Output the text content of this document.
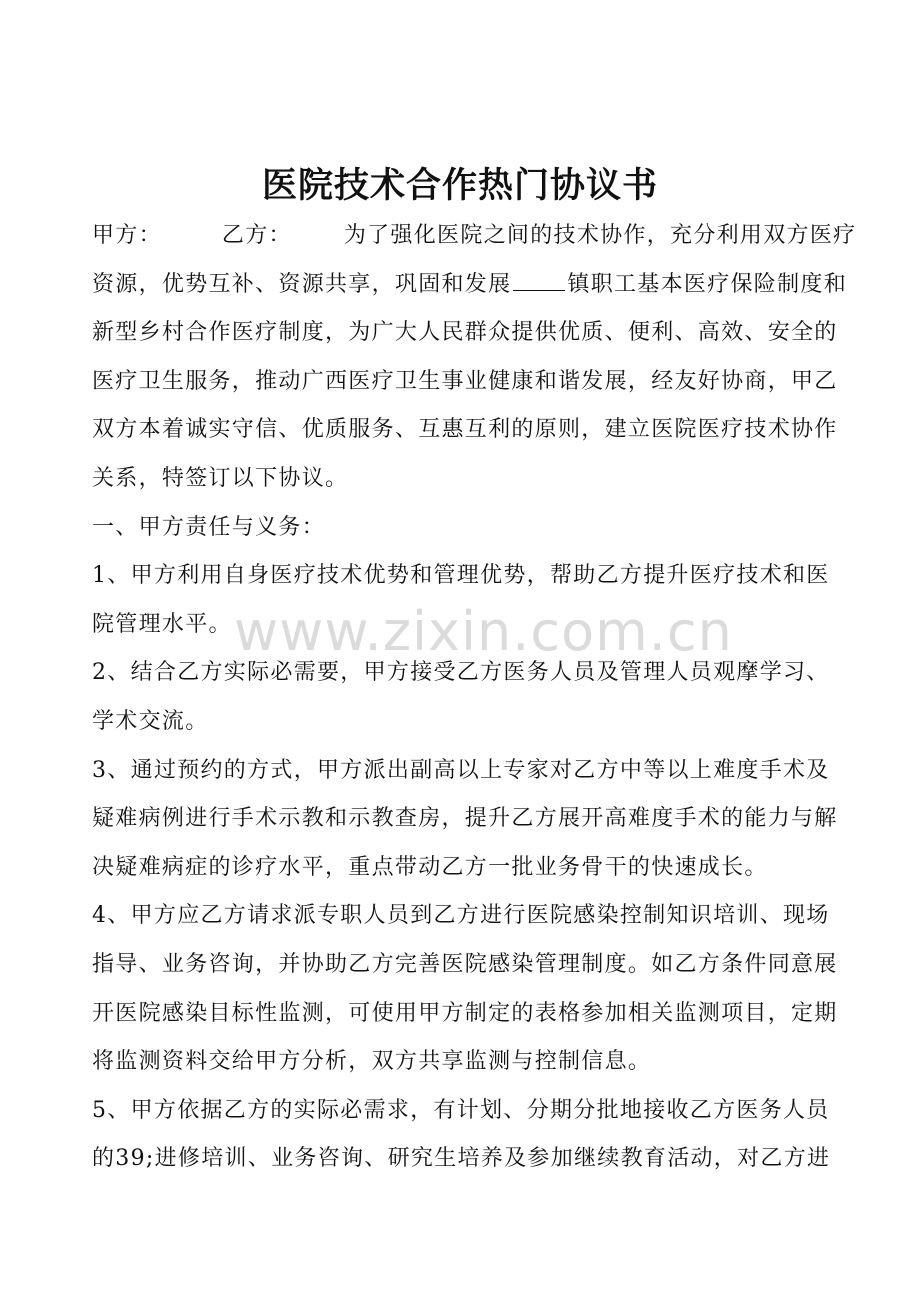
医院技术合作热门协议书
甲方：	乙方： 为了强化医院之间的技术协作，充分利用双方医疗
资源，优势互补、资源共享，巩固和发展	镇职工基本医疗保险制度和
新型乡村合作医疗制度，为广大人民群众提供优质、便利、高效、安全的
医疗卫生服务，推动广西医疗卫生事业健康和谐发展，经友好协商，甲乙
双方本着诚实守信、优质服务、互惠互利的原则，建立医院医疗技术协作
关系，特签订以下协议。
一、甲方责任与义务：
1、甲方利用自身医疗技术优势和管理优势，帮助乙方提升医疗技术和医
院管理水平。
2、结合乙方实际必需要，甲方接受乙方医务人员及管理人员观摩学习、
学术交流。
3、通过预约的方式，甲方派出副高以上专家对乙方中等以上难度手术及
疑难病例进行手术示教和示教查房，提升乙方展开高难度手术的能力与解
决疑难病症的诊疗水平，重点带动乙方一批业务骨干的快速成长。
4、甲方应乙方请求派专职人员到乙方进行医院感染控制知识培训、现场
指导、业务咨询，并协助乙方完善医院感染管理制度。如乙方条件同意展
开医院感染目标性监测，可使用甲方制定的表格参加相关监测项目，定期
将监测资料交给甲方分析，双方共享监测与控制信息。
5、甲方依据乙方的实际必需求，有计划、分期分批地接收乙方医务人员
的39;进修培训、业务咨询、研究生培养及参加继续教育活动，对乙方进
www.zixin.com.cn
